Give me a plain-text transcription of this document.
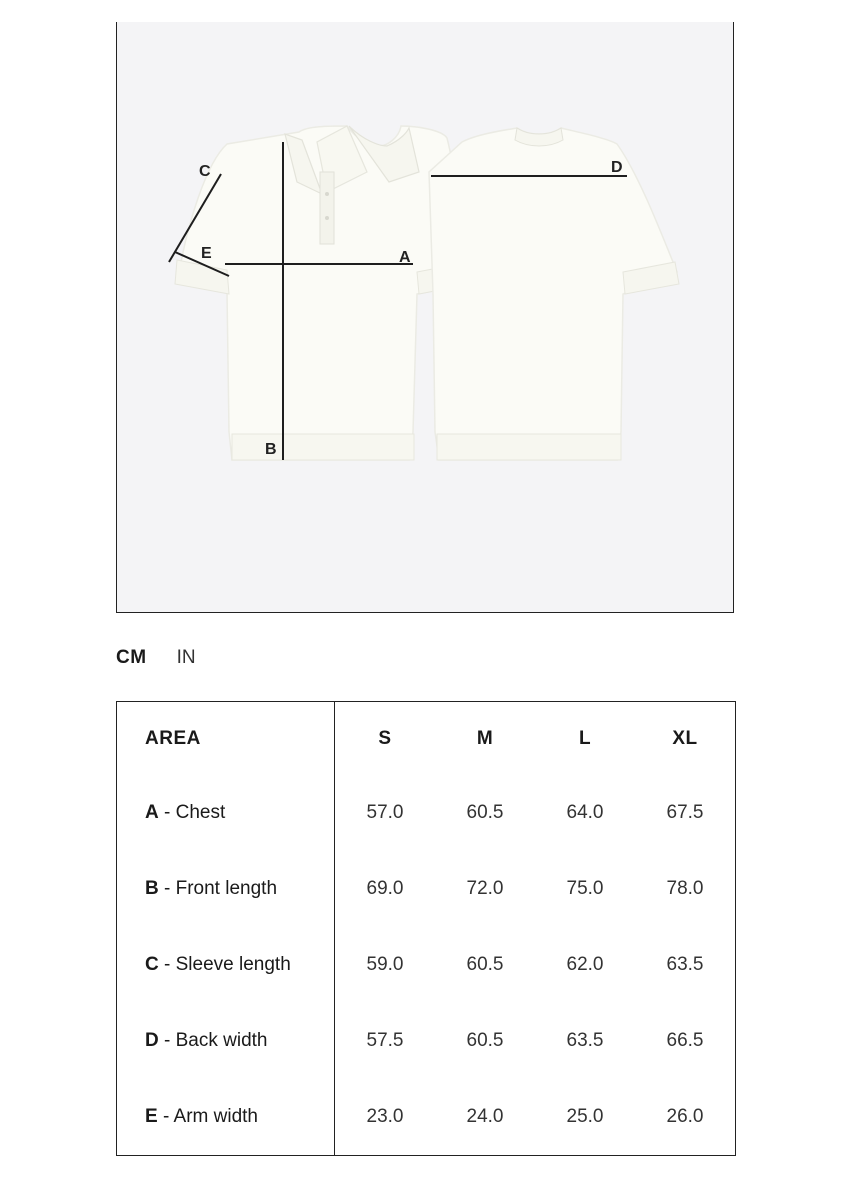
A
B
C	D
E
CM IN
AREA	S	M	L	XL
A - Chest	57.0	60.5	64.0	67.5
B - Front length	69.0	72.0	75.0	78.0
C - Sleeve length	59.0	60.5	62.0	63.5
D - Back width	57.5	60.5	63.5	66.5
E - Arm width	23.0	24.0	25.0	26.0
